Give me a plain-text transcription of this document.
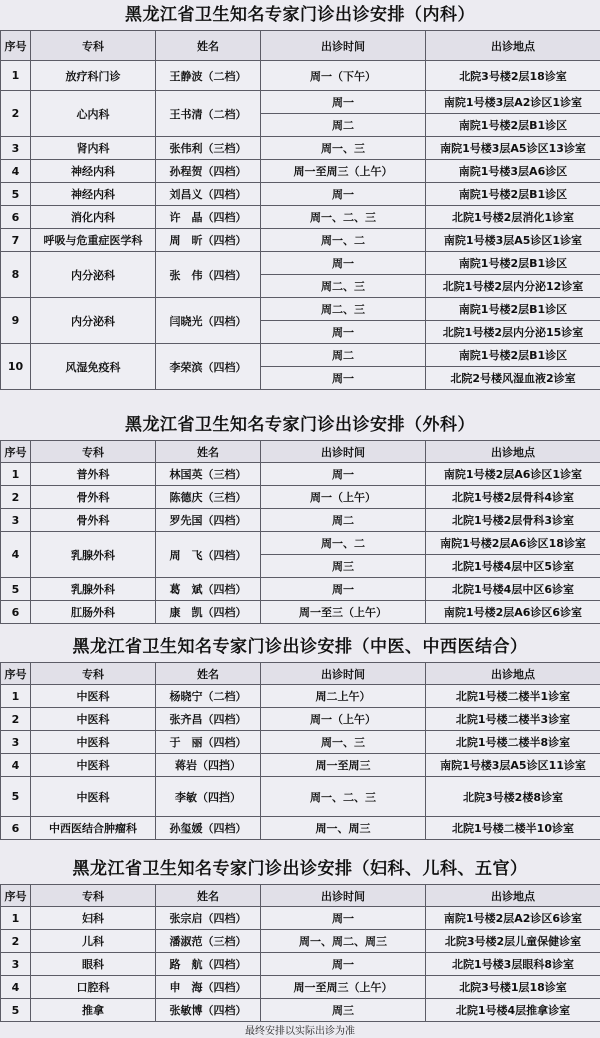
黑龙江省卫生知名专家门诊出诊安排（内科）
序号	专科	姓名	出诊时间	出诊地点
1	放疗科门诊	王静波（二档）	周一（下午）	北院3号楼2层18诊室
2	心内科	王书清（二档）	周一	南院1号楼3层A2诊区1诊室
			周二	南院1号楼2层B1诊区
3	肾内科	张伟利（三档）	周一、三	南院1号楼3层A5诊区13诊室
4	神经内科	孙程贺（四档）	周一至周三（上午）	南院1号楼3层A6诊区
5	神经内科	刘昌义（四档）	周一	南院1号楼2层B1诊区
6	消化内科	许　晶（四档）	周一、二、三	北院1号楼2层消化1诊室
7	呼吸与危重症医学科	周　昕（四档）	周一、二	南院1号楼3层A5诊区1诊室
8	内分泌科	张　伟（四档）	周一	南院1号楼2层B1诊区
			周二、三	北院1号楼2层内分泌12诊室
9	内分泌科	闫晓光（四档）	周二、三	南院1号楼2层B1诊区
			周一	北院1号楼2层内分泌15诊室
10	风湿免疫科	李荣滨（四档）	周二	南院1号楼2层B1诊区
			周一	北院2号楼风湿血液2诊室
黑龙江省卫生知名专家门诊出诊安排（外科）
序号	专科	姓名	出诊时间	出诊地点
1	普外科	林国英（三档）	周一	南院1号楼2层A6诊区1诊室
2	骨外科	陈德庆（三档）	周一（上午）	北院1号楼2层骨科4诊室
3	骨外科	罗先国（四档）	周二	北院1号楼2层骨科3诊室
4	乳腺外科	周　飞（四档）	周一、二	南院1号楼2层A6诊区18诊室
			周三	北院1号楼4层中区5诊室
5	乳腺外科	葛　斌（四档）	周一	北院1号楼4层中区6诊室
6	肛肠外科	康　凯（四档）	周一至三（上午）	南院1号楼2层A6诊区6诊室
黑龙江省卫生知名专家门诊出诊安排（中医、中西医结合）
序号	专科	姓名	出诊时间	出诊地点
1	中医科	杨晓宁（二档）	周二上午）	北院1号楼二楼半1诊室
2	中医科	张齐昌（四档）	周一（上午）	北院1号楼二楼半3诊室
3	中医科	于　丽（四档）	周一、三	北院1号楼二楼半8诊室
4	中医科	蒋岩（四挡）	周一至周三	南院1号楼3层A5诊区11诊室
5	中医科	李敏（四挡）	周一、二、三	北院3号楼2楼8诊室
6	中西医结合肿瘤科	孙玺媛（四档）	周一、周三	北院1号楼二楼半10诊室
黑龙江省卫生知名专家门诊出诊安排（妇科、儿科、五官）
序号	专科	姓名	出诊时间	出诊地点
1	妇科	张宗启（四档）	周一	南院1号楼2层A2诊区6诊室
2	儿科	潘淑范（三档）	周一、周二、周三	北院3号楼2层儿童保健诊室
3	眼科	路　航（四档）	周一	北院1号楼3层眼科8诊室
4	口腔科	申　海（四档）	周一至周三（上午）	北院3号楼1层18诊室
5	推拿	张敏博（四档）	周三	北院1号楼4层推拿诊室
最终安排以实际出诊为准
